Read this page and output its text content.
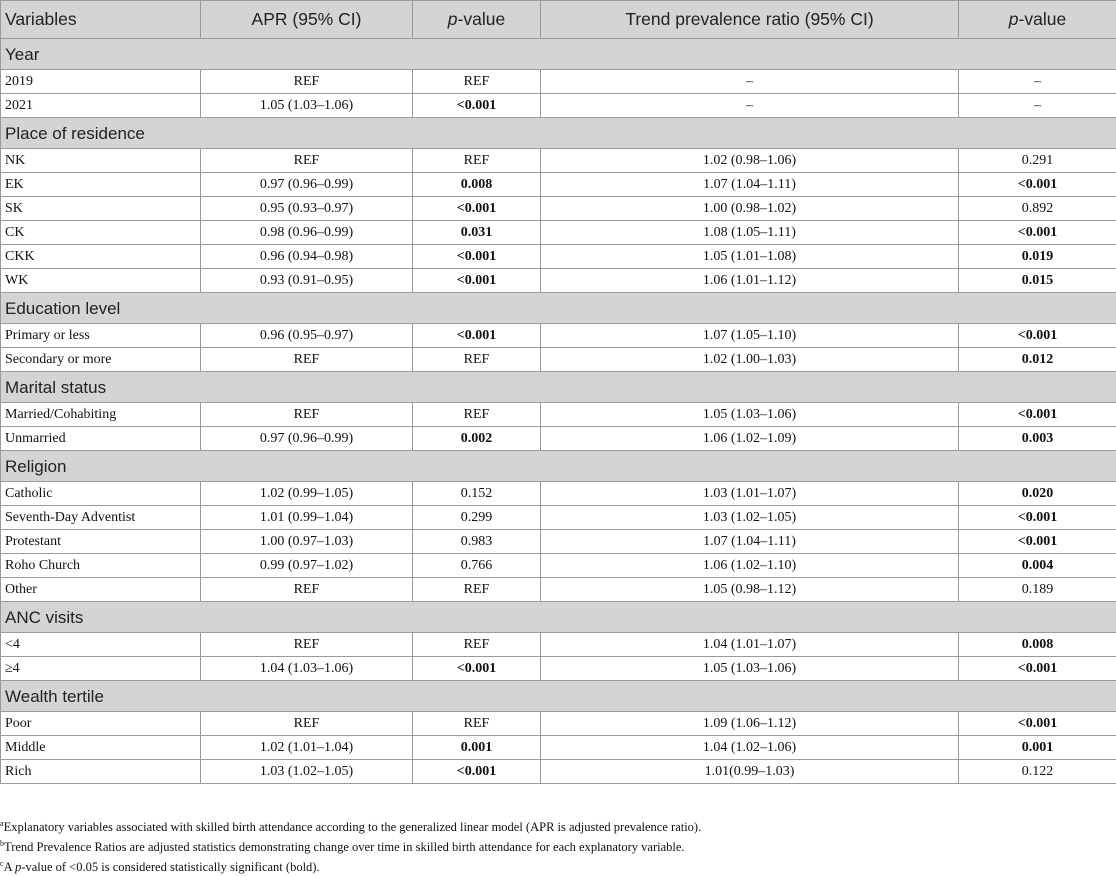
Variables	APR (95% CI)	p-value	Trend prevalence ratio (95% CI)	p-value
Year				
2019	REF	REF	–	–
2021	1.05 (1.03–1.06)	<0.001	–	–
Place of residence				
NK	REF	REF	1.02 (0.98–1.06)	0.291
EK	0.97 (0.96–0.99)	0.008	1.07 (1.04–1.11)	<0.001
SK	0.95 (0.93–0.97)	<0.001	1.00 (0.98–1.02)	0.892
CK	0.98 (0.96–0.99)	0.031	1.08 (1.05–1.11)	<0.001
CKK	0.96 (0.94–0.98)	<0.001	1.05 (1.01–1.08)	0.019
WK	0.93 (0.91–0.95)	<0.001	1.06 (1.01–1.12)	0.015
Education level				
Primary or less	0.96 (0.95–0.97)	<0.001	1.07 (1.05–1.10)	<0.001
Secondary or more	REF	REF	1.02 (1.00–1.03)	0.012
Marital status				
Married/Cohabiting	REF	REF	1.05 (1.03–1.06)	<0.001
Unmarried	0.97 (0.96–0.99)	0.002	1.06 (1.02–1.09)	0.003
Religion				
Catholic	1.02 (0.99–1.05)	0.152	1.03 (1.01–1.07)	0.020
Seventh-Day Adventist	1.01 (0.99–1.04)	0.299	1.03 (1.02–1.05)	<0.001
Protestant	1.00 (0.97–1.03)	0.983	1.07 (1.04–1.11)	<0.001
Roho Church	0.99 (0.97–1.02)	0.766	1.06 (1.02–1.10)	0.004
Other	REF	REF	1.05 (0.98–1.12)	0.189
ANC visits				
<4	REF	REF	1.04 (1.01–1.07)	0.008
≥4	1.04 (1.03–1.06)	<0.001	1.05 (1.03–1.06)	<0.001
Wealth tertile				
Poor	REF	REF	1.09 (1.06–1.12)	<0.001
Middle	1.02 (1.01–1.04)	0.001	1.04 (1.02–1.06)	0.001
Rich	1.03 (1.02–1.05)	<0.001	1.01(0.99–1.03)	0.122
$^a$Explanatory variables associated with skilled birth attendance according to the generalized linear model (APR is adjusted prevalence ratio).
$^b$Trend Prevalence Ratios are adjusted statistics demonstrating change over time in skilled birth attendance for each explanatory variable.
$^c$A p-value of <0.05 is considered statistically significant (bold).
